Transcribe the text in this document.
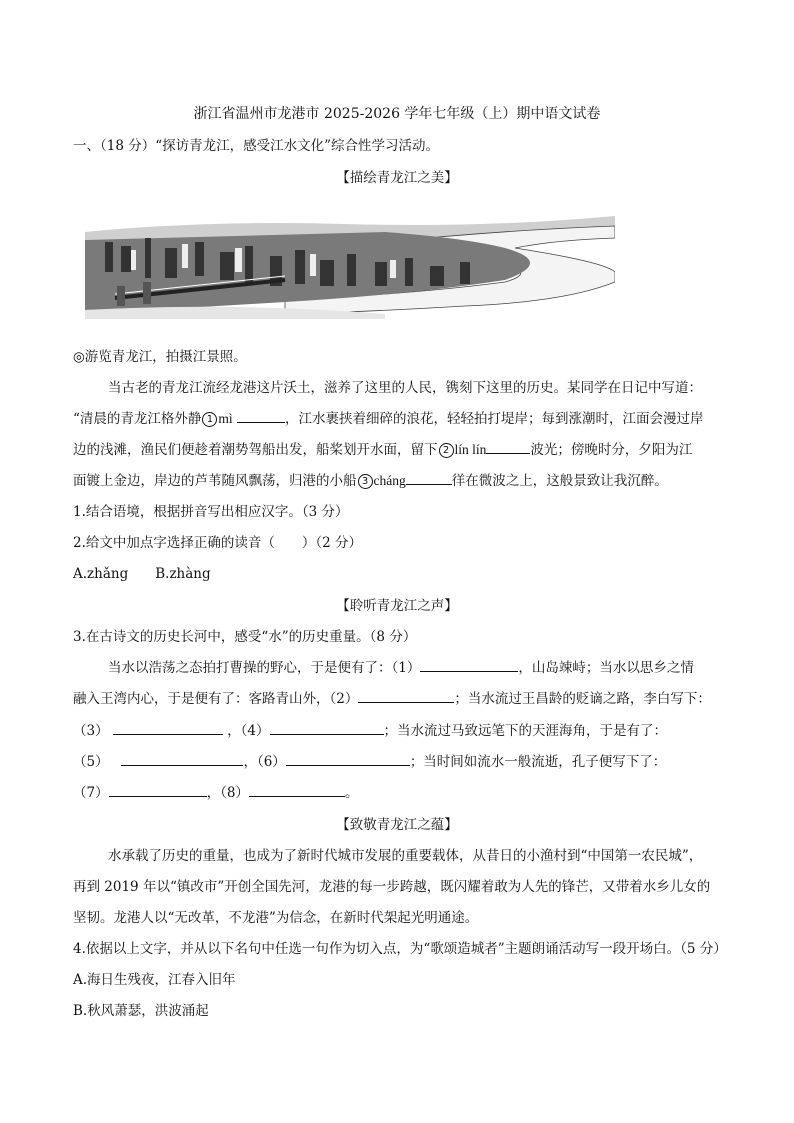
浙江省温州市龙港市 2025-2026 学年七年级（上）期中语文试卷
一、（18 分）“探访青龙江，感受江水文化”综合性学习活动。
【描绘青龙江之美】
◎游览青龙江，拍摄江景照。
当古老的青龙江流经龙港这片沃土，滋养了这里的人民，镌刻下这里的历史。某同学在日记中写道：
“清晨的青龙江格外静 1 mì	，江水裹挟着细碎的浪花，轻轻拍打堤岸；每到涨潮时，江面会漫过岸
边的浅滩，渔民们便趁着潮势驾船出发，船桨划开水面，留下 2 lín lín	波光；傍晚时分，夕阳为江
面镀上金边，岸边的芦苇随风飘荡，归港的小船 3 cháng	徉在微波之上，这般景致让我沉醉。
1.结合语境，根据拼音写出相应汉字。（3 分）
2.给文中加点字选择正确的读音（　　）（2 分）
A.zhǎng　　B.zhàng
【聆听青龙江之声】
3.在古诗文的历史长河中，感受“水”的历史重量。（8 分）
当水以浩荡之态拍打曹操的野心，于是便有了：（1）	，山岛竦峙；当水以思乡之情
融入王湾内心，于是便有了：客路青山外，（2）	；当水流过王昌龄的贬谪之路，李白写下：
（3）	，（4）	；当水流过马致远笔下的天涯海角，于是有了：
（5）	，（6）	；当时间如流水一般流逝，孔子便写下了：
（7）	，（8）	。
【致敬青龙江之蕴】
水承载了历史的重量，也成为了新时代城市发展的重要载体，从昔日的小渔村到“中国第一农民城”，
再到 2019 年以“镇改市”开创全国先河，龙港的每一步跨越，既闪耀着敢为人先的锋芒，又带着水乡儿女的
坚韧。龙港人以“无改革，不龙港”为信念，在新时代架起光明通途。
4.依据以上文字，并从以下名句中任选一句作为切入点，为“歌颂造城者”主题朗诵活动写一段开场白。（5 分）
A.海日生残夜，江春入旧年
B.秋风萧瑟，洪波涌起
